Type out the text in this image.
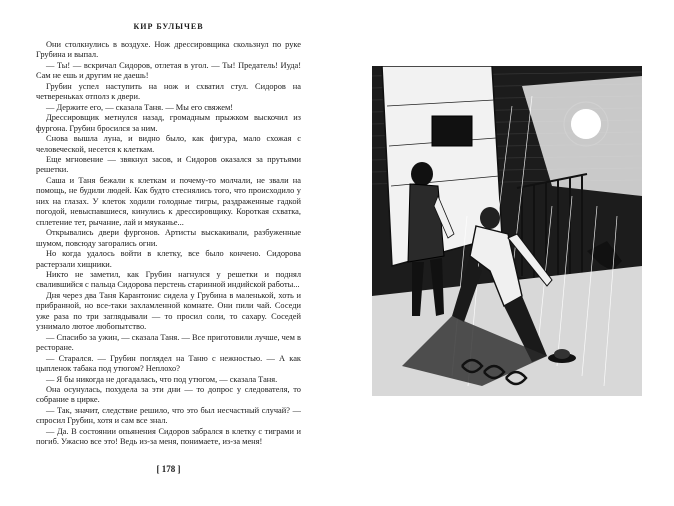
КИР БУЛЫЧЕВ

Они столкнулись в воздухе. Нож дрессировщика скользнул по руке Грубина и выпал.

— Ты! — вскричал Сидоров, отлетая в угол. — Ты! Предатель! Иуда! Сам не ешь и другим не даешь!

Грубин успел наступить на нож и схватил стул. Сидоров на четвереньках отполз к двери.

— Держите его, — сказала Таня. — Мы его свяжем!

Дрессировщик метнулся назад, громадным прыжком выскочил из фургона. Грубин бросился за ним.

Снова вышла луна, и видно было, как фигура, мало схожая с человеческой, несется к клеткам.

Еще мгновение — звякнул засов, и Сидоров оказался за прутьями решетки.

Саша и Таня бежали к клеткам и почему-то молчали, не звали на помощь, не будили людей. Как будто стеснялись того, что происходило у них на глазах. У клеток ходили голодные тигры, раздраженные гадкой погодой, невыспавшиеся, кинулись к дрессировщику. Короткая схватка, сплетение тет, рычание, лай и мяуканье...

Открывались двери фургонов. Артисты выскакивали, разбуженные шумом, повсюду загорались огни.

Но когда удалось войти в клетку, все было кончено. Сидорова растерзали хищники.

Никто не заметил, как Грубин нагнулся у решетки и поднял свалившийся с пальца Сидорова перстень старинной индийской работы...

Дня через два Таня Карантонис сидела у Грубина в маленькой, хоть и прибранной, но все-таки захламленной комнате. Они пили чай. Соседи уже раза по три заглядывали — то просил соли, то сахару. Соседей узнимало лютое любопытство.

— Спасибо за ужин, — сказала Таня. — Все приготовили лучше, чем в ресторане.

— Старался. — Грубин поглядел на Таню с нежностью. — А как цыпленок табака под утюгом? Неплохо?

— Я бы никогда не догадалась, что под утюгом, — сказала Таня.

Она осунулась, похудела за эти дни — то допрос у следователя, то собрание в цирке.

— Так, значит, следствие решило, что это был несчастный случай? — спросил Грубин, хотя и сам все знал.

— Да. В состоянии опьянения Сидоров забрался в клетку с тиграми и погиб. Ужасно все это! Ведь из-за меня, понимаете, из-за меня!

[ 178 ]
